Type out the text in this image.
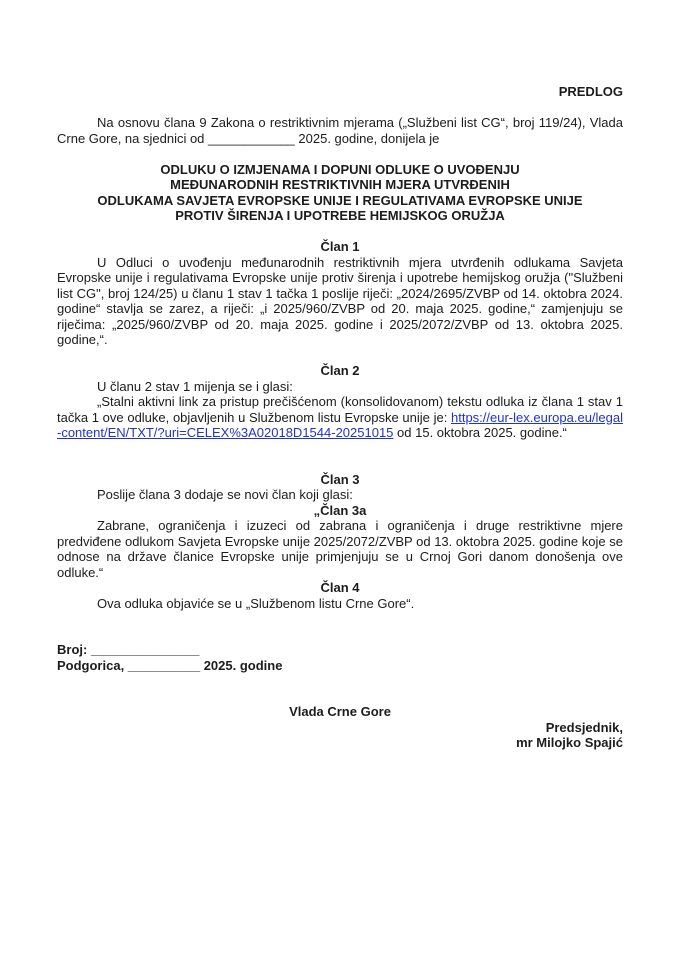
PREDLOG

Na osnovu člana 9 Zakona o restriktivnim mjerama („Službeni list CG“, broj 119/24), Vlada Crne Gore, na sjednici od ____________ 2025. godine, donijela je

ODLUKU O IZMJENAMA I DOPUNI ODLUKE O UVOĐENJU
MEĐUNARODNIH RESTRIKTIVNIH MJERA UTVRĐENIH
ODLUKAMA SAVJETA EVROPSKE UNIJE I REGULATIVAMA EVROPSKE UNIJE
PROTIV ŠIRENJA I UPOTREBE HEMIJSKOG ORUŽJA
Član 1

U Odluci o uvođenju međunarodnih restriktivnih mjera utvrđenih odlukama Savjeta Evropske unije i regulativama Evropske unije protiv širenja i upotrebe hemijskog oružja ("Službeni list CG", broj 124/25) u članu 1 stav 1 tačka 1 poslije riječi: „2024/2695/ZVBP od 14. oktobra 2024. godine“ stavlja se zarez, a riječi: „i 2025/960/ZVBP od 20. maja 2025. godine,“ zamjenjuju se riječima: „2025/960/ZVBP od 20. maja 2025. godine i 2025/2072/ZVBP od 13. oktobra 2025. godine,“.

Član 2

U članu 2 stav 1 mijenja se i glasi:

„Stalni aktivni link za pristup prečišćenom (konsolidovanom) tekstu odluka iz člana 1 stav 1 tačka 1 ove odluke, objavljenih u Službenom listu Evropske unije je: https://eur-lex.europa.eu/legal-content/EN/TXT/?uri=CELEX%3A02018D1544-20251015 od 15. oktobra 2025. godine.“

Član 3

Poslije člana 3 dodaje se novi član koji glasi:

„Član 3a

Zabrane, ograničenja i izuzeci od zabrana i ograničenja i druge restriktivne mjere predviđene odlukom Savjeta Evropske unije 2025/2072/ZVBP od 13. oktobra 2025. godine koje se odnose na države članice Evropske unije primjenjuju se u Crnoj Gori danom donošenja ove odluke.“

Član 4

Ova odluka objaviće se u „Službenom listu Crne Gore“.

Broj: _______________
Podgorica, __________ 2025. godine
Vlada Crne Gore
Predsjednik,
mr Milojko Spajić
